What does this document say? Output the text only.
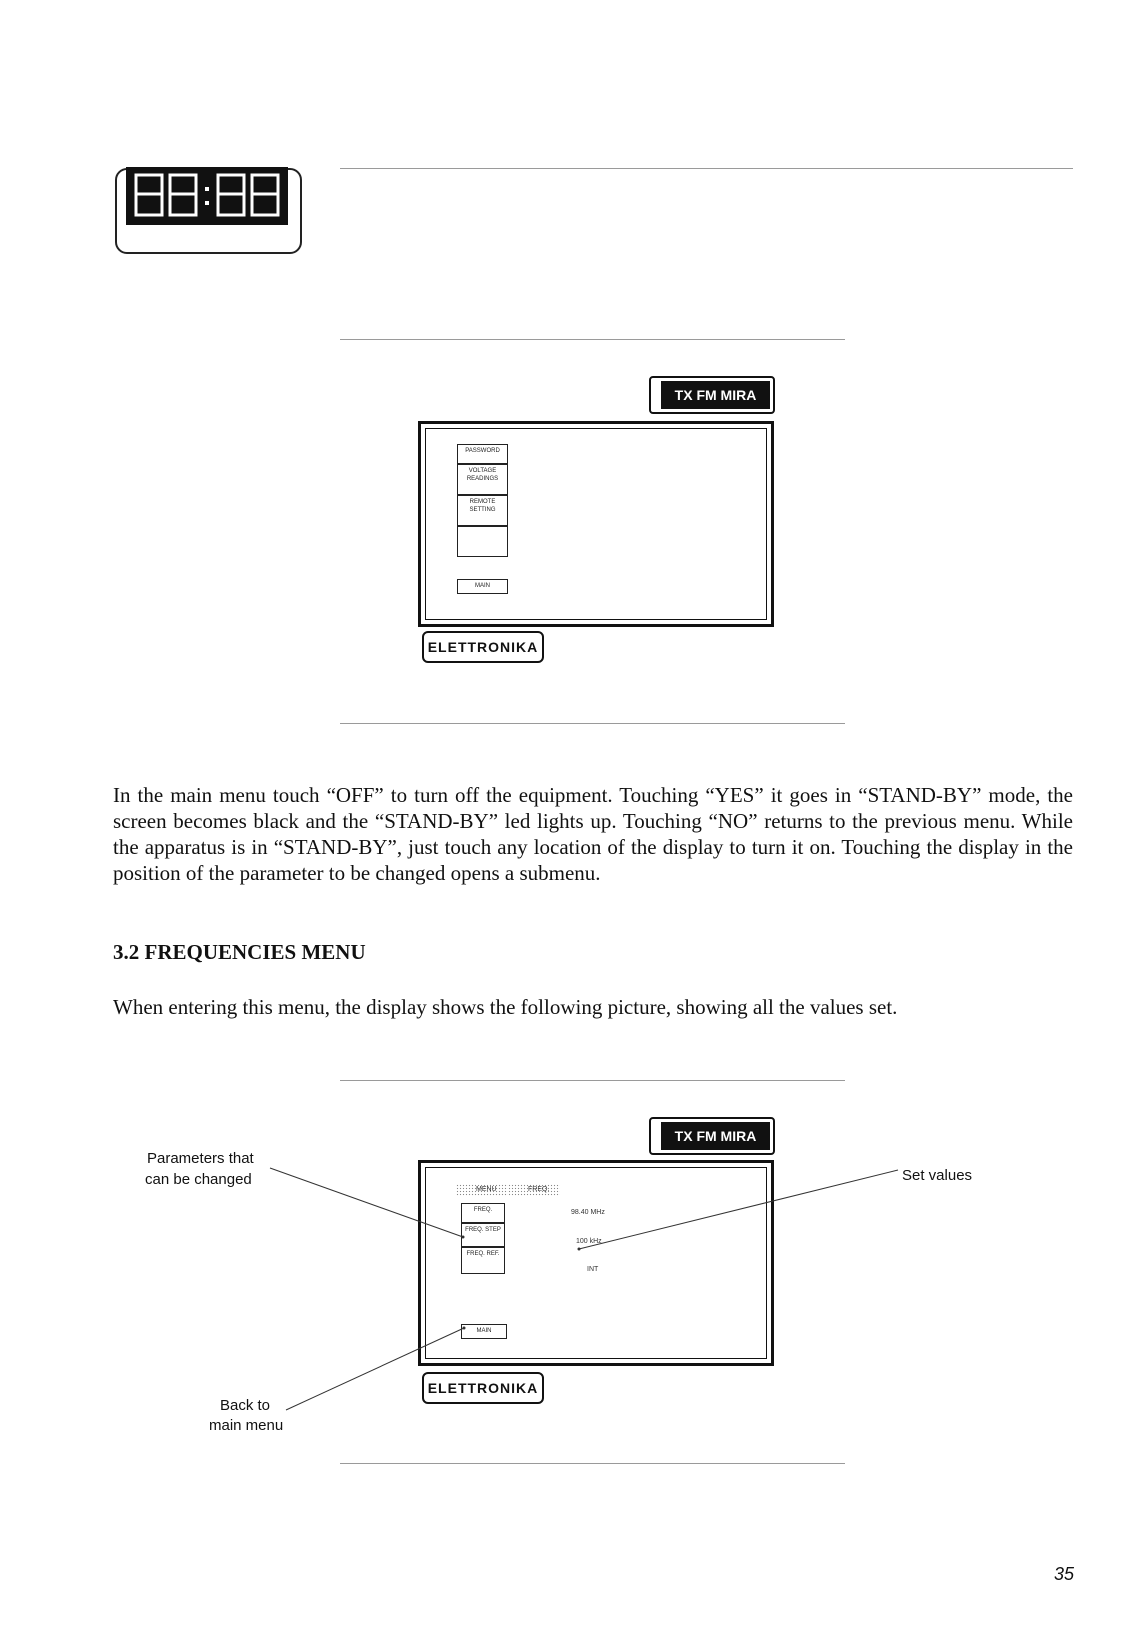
TX FM MIRA
PASSWORD
VOLTAGE READINGS
REMOTE SETTING
MAIN
ELETTRONIKA
In the main menu touch “OFF” to turn off the equipment. Touching “YES” it goes in “STAND-BY” mode, the screen becomes black and the “STAND-BY” led lights up. Touching “NO” returns to the previous menu. While the apparatus is in “STAND-BY”, just touch any location of the display to turn it on. Touching the display in the position of the parameter to be changed opens a submenu.
3.2 FREQUENCIES MENU
When entering this menu, the display shows the following picture, showing all the values set.
TX FM MIRA
MENU	FREQ.
FREQ.
FREQ. STEP
FREQ. REF.
98.40 MHz
100 kHz
INT
MAIN
ELETTRONIKA
Parameters that
can be changed	Set values
Back to
main menu
35
